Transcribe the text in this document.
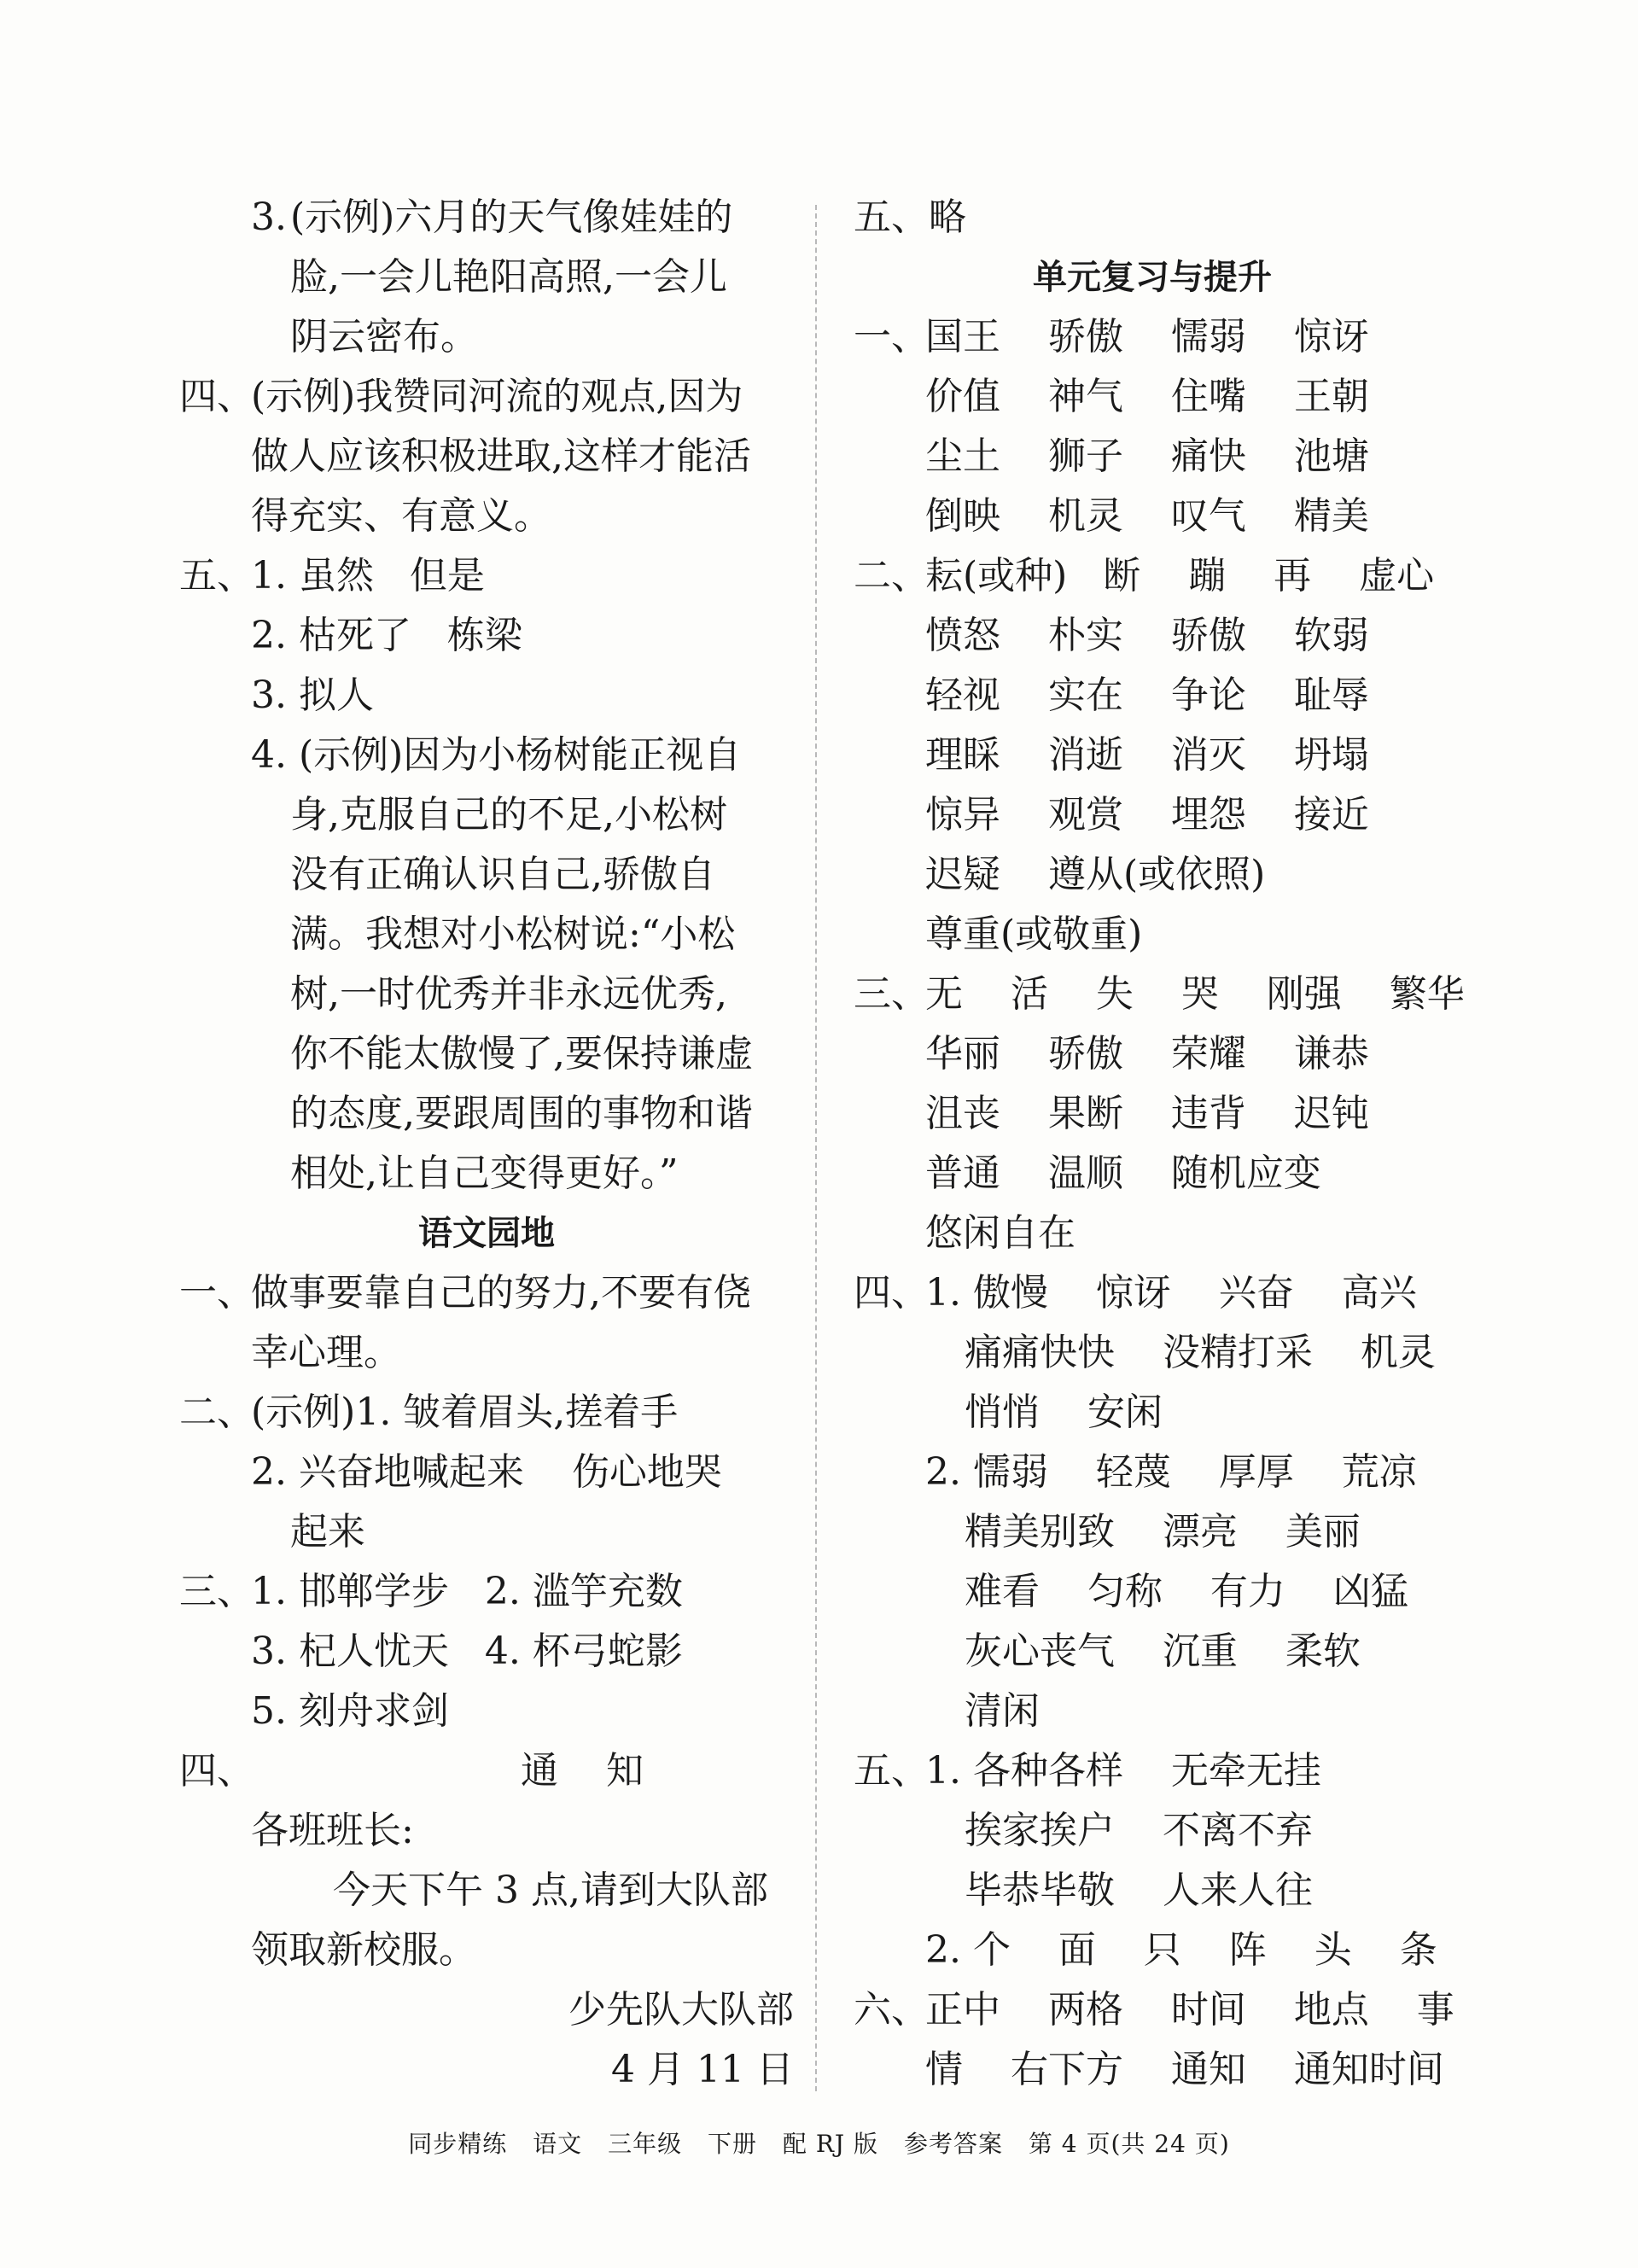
3. (示例)六月的天气像娃娃的
脸,一会儿艳阳高照,一会儿
阴云密布。
四、
(示例)我赞同河流的观点,因为
做人应该积极进取,这样才能活
得充实、有意义。
五、
1. 虽然   但是
2. 枯死了   栋梁
3. 拟人
4. (示例)因为小杨树能正视自
身,克服自己的不足,小松树
没有正确认识自己,骄傲自
满。我想对小松树说:“小松
树,一时优秀并非永远优秀,
你不能太傲慢了,要保持谦虚
的态度,要跟周围的事物和谐
相处,让自己变得更好。”
语文园地
一、
做事要靠自己的努力,不要有侥
幸心理。
二、
(示例)1. 皱着眉头,搓着手
2. 兴奋地喊起来    伤心地哭
起来
三、
1. 邯郸学步   2. 滥竽充数
3. 杞人忧天   4. 杯弓蛇影
5. 刻舟求剑
四、	通    知
各班班长:
今天下午 3 点,请到大队部
领取新校服。
少先队大队部
4 月 11 日
五、略
单元复习与提升
一、
国王    骄傲    懦弱    惊讶
价值    神气    住嘴    王朝
尘土    狮子    痛快    池塘
倒映    机灵    叹气    精美
二、
耘(或种)   断    蹦    再    虚心
愤怒    朴实    骄傲    软弱
轻视    实在    争论    耻辱
理睬    消逝    消灭    坍塌
惊异    观赏    埋怨    接近
迟疑    遵从(或依照)
尊重(或敬重)
三、
无    活    失    哭    刚强    繁华
华丽    骄傲    荣耀    谦恭
沮丧    果断    违背    迟钝
普通    温顺    随机应变
悠闲自在
四、
1. 傲慢    惊讶    兴奋    高兴
痛痛快快    没精打采    机灵
悄悄    安闲
2. 懦弱    轻蔑    厚厚    荒凉
精美别致    漂亮    美丽
难看    匀称    有力    凶猛
灰心丧气    沉重    柔软
清闲
五、
1. 各种各样    无牵无挂
挨家挨户    不离不弃
毕恭毕敬    人来人往
2. 个    面    只    阵    头    条
六、
正中    两格    时间    地点    事
情    右下方    通知    通知时间
同步精练 语文 三年级 下册 配 RJ 版 参考答案 第 4 页(共 24 页)
